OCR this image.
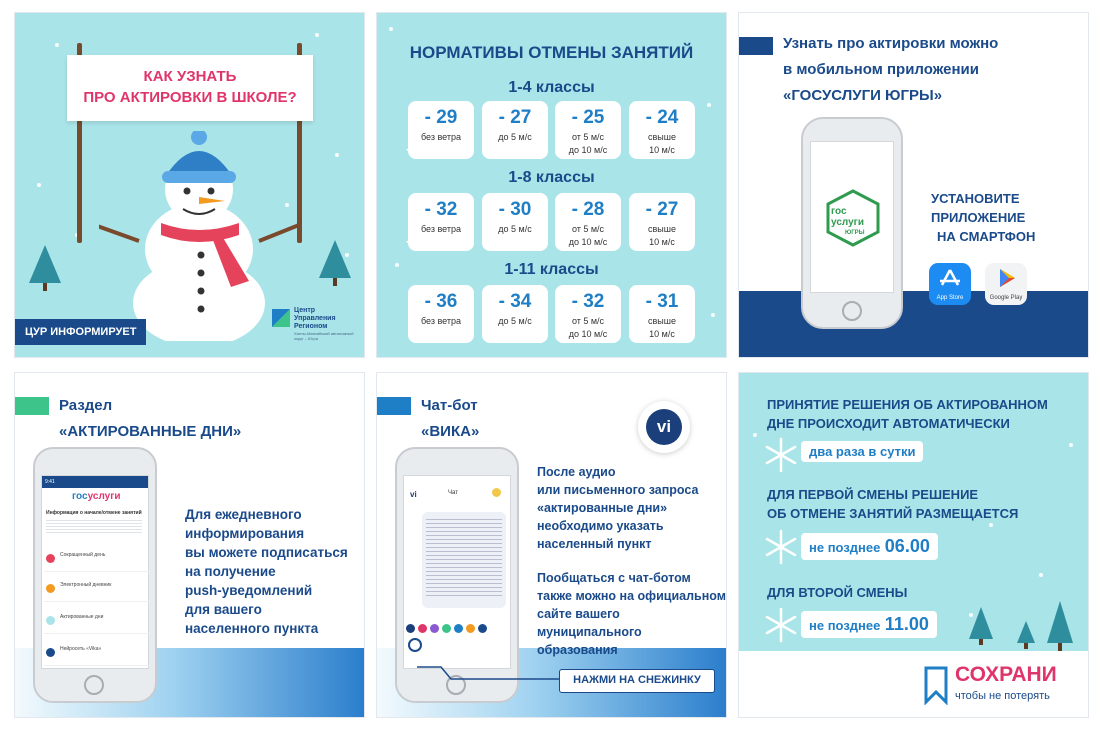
КАК УЗНАТЬ
ПРО АКТИРОВКИ В ШКОЛЕ?
ЦУР ИНФОРМИРУЕТ
Центр Управления Регионом
Ханты-Мансийский автономный округ – Югра
НОРМАТИВЫ ОТМЕНЫ ЗАНЯТИЙ
1-4 классы
- 29
без ветра
- 27
до 5 м/с
- 25
от 5 м/с
до 10 м/с
- 24
свыше
10 м/с
1-8 классы
- 32
без ветра
- 30
до 5 м/с
- 28
от 5 м/с
до 10 м/с
- 27
свыше
10 м/с
1-11 классы
- 36
без ветра
- 34
до 5 м/с
- 32
от 5 м/с
до 10 м/с
- 31
свыше
10 м/с
Узнать про актировки можно
в мобильном приложении
«ГОСУСЛУГИ ЮГРЫ»
гос
услуги
ЮГРЫ
УСТАНОВИТЕ
ПРИЛОЖЕНИЕ
НА СМАРТФОН
App Store	Google Play
Раздел
«АКТИРОВАННЫЕ ДНИ»
9:41
госуслуги
Информация о начале/отмене занятий
Сокращенный день
Электронный дневник
Актированные дни
Нейросеть «Vika»
Для ежедневного
информирования
вы можете подписаться
на получение
push-уведомлений
для вашего
населенного пункта
Чат-бот
«ВИКА»	vi
vi	Чат
После аудио
или письменного запроса
«актированные дни»
необходимо указать
населенный пункт
Пообщаться с чат-ботом
также можно на официальном
сайте вашего муниципального
образования
НАЖМИ НА СНЕЖИНКУ
ПРИНЯТИЕ РЕШЕНИЯ ОБ АКТИРОВАННОМ
ДНЕ ПРОИСХОДИТ АВТОМАТИЧЕСКИ
два раза в сутки
ДЛЯ ПЕРВОЙ СМЕНЫ РЕШЕНИЕ
ОБ ОТМЕНЕ ЗАНЯТИЙ РАЗМЕЩАЕТСЯ
не позднее 06.00
ДЛЯ ВТОРОЙ СМЕНЫ
не позднее 11.00
СОХРАНИ
чтобы не потерять
